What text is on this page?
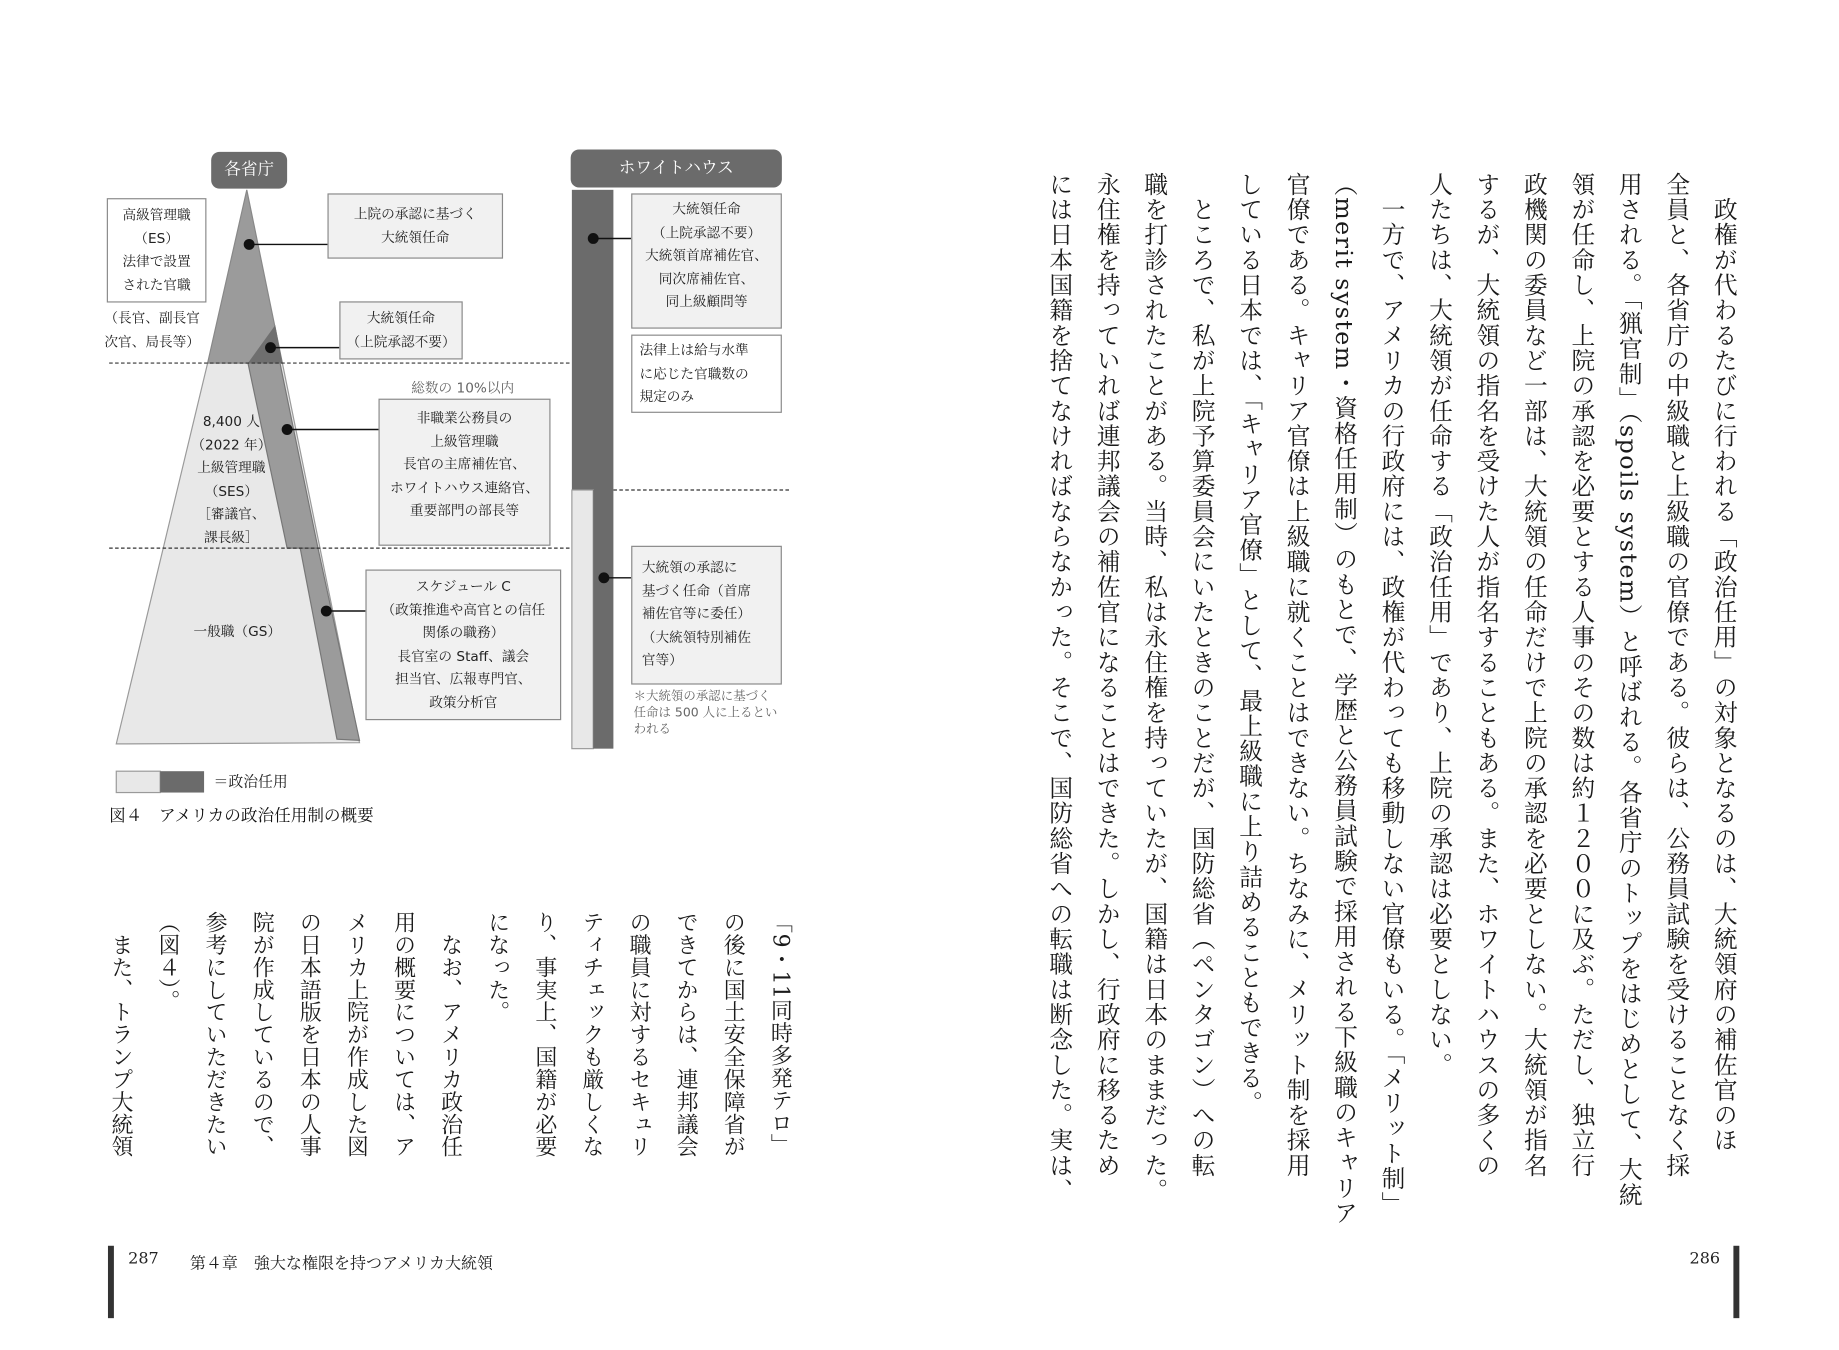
各省庁	ホワイトハウス
高級管理職
（ES）
法律で設置
された官職
（長官、副長官
次官、局長等）
上院の承認に基づく
大統領任命
大統領任命
（上院承認不要）
総数の 10%以内
非職業公務員の
上級管理職
長官の主席補佐官、
ホワイトハウス連絡官、
重要部門の部長等
8,400 人
（2022 年）
上級管理職
（SES）
［審議官、
課長級］
一般職（GS）
スケジュール C
（政策推進や高官との信任
関係の職務）
長官室の Staff、議会
担当官、広報専門官、
政策分析官
大統領任命
（上院承認不要）
大統領首席補佐官、
同次席補佐官、
同上級顧問等
法律上は給与水準
に応じた官職数の
規定のみ
大統領の承認に
基づく任命（首席
補佐官等に委任）
（大統領特別補佐
官等）
＊大統領の承認に基づく
任命は 500 人に上るとい
われる
＝政治任用
図４　アメリカの政治任用制の概要
「9・11同時多発テロ」
の後に国土安全保障省が
できてからは、連邦議会
の職員に対するセキュリ
ティチェックも厳しくな
り、事実上、国籍が必要
になった。
　なお、アメリカ政治任
用の概要については、ア
メリカ上院が作成した図
の日本語版を日本の人事
院が作成しているので、
参考にしていただきたい
（図４）。
　また、トランプ大統領	　政権が代わるたびに行われる「政治任用」の対象となるのは、大統領府の補佐官のほ
全員と、各省庁の中級職と上級職の官僚である。彼らは、公務員試験を受けることなく採
用される。「猟官制」（spoils system）と呼ばれる。各省庁のトップをはじめとして、大統
領が任命し、上院の承認を必要とする人事のその数は約１２００に及ぶ。ただし、独立行
政機関の委員など一部は、大統領の任命だけで上院の承認を必要としない。大統領が指名
するが、大統領の指名を受けた人が指名することもある。また、ホワイトハウスの多くの
人たちは、大統領が任命する「政治任用」であり、上院の承認は必要としない。
　一方で、アメリカの行政府には、政権が代わっても移動しない官僚もいる。「メリット制」
（merit system・資格任用制）のもとで、学歴と公務員試験で採用される下級職のキャリア
官僚である。キャリア官僚は上級職に就くことはできない。ちなみに、メリット制を採用
している日本では、「キャリア官僚」として、最上級職に上り詰めることもできる。
　ところで、私が上院予算委員会にいたときのことだが、国防総省（ペンタゴン）への転
職を打診されたことがある。当時、私は永住権を持っていたが、国籍は日本のままだった。
永住権を持っていれば連邦議会の補佐官になることはできた。しかし、行政府に移るため
には日本国籍を捨てなければならなかった。そこで、国防総省への転職は断念した。実は、
287 第４章　強大な権限を持つアメリカ大統領	286
